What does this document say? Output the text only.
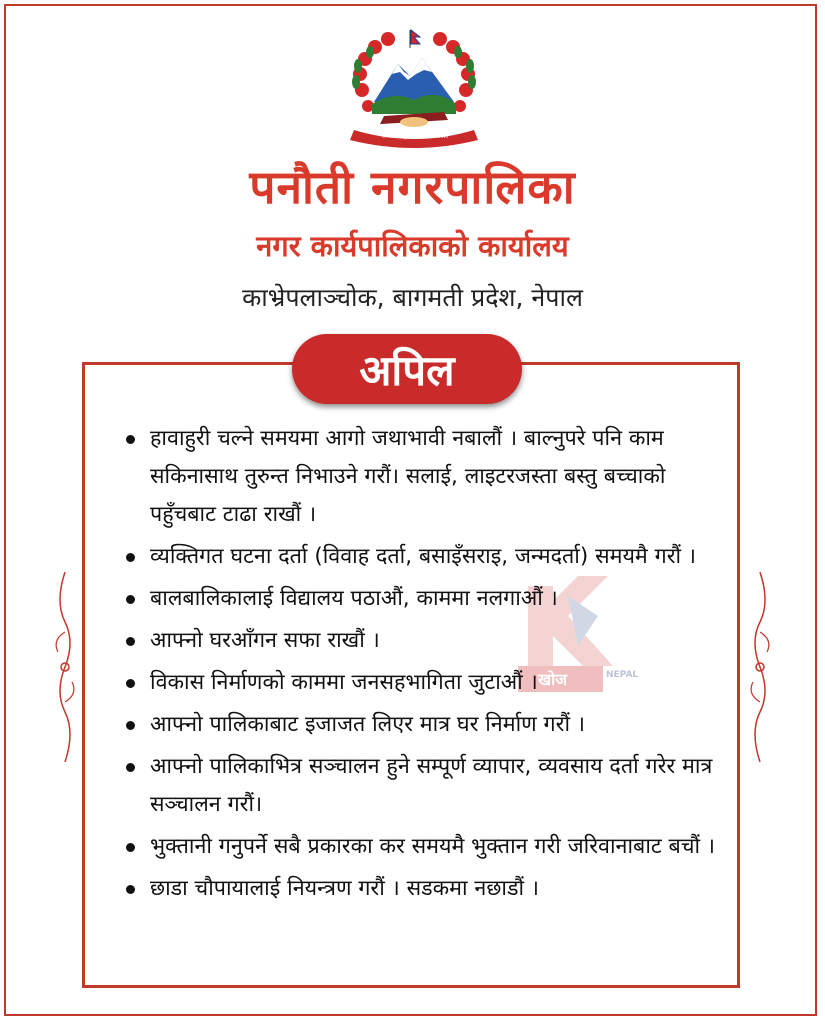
जननी जन्मभूमिश्च स्वर्गादपि गरीयसी
पनौती नगरपालिका
नगर कार्यपालिकाको कार्यालय
काभ्रेपलाञ्चोक, बागमती प्रदेश, नेपाल
खोज	NEPAL
अपिल
हावाहुरी चल्ने समयमा आगो जथाभावी नबालौं । बाल्नुपरे पनि काम सकिनासाथ तुरुन्त निभाउने गरौं। सलाई, लाइटरजस्ता बस्तु बच्चाको पहुँचबाट टाढा राखौं ।
व्यक्तिगत घटना दर्ता (विवाह दर्ता, बसाइँसराइ, जन्मदर्ता) समयमै गरौं ।
बालबालिकालाई विद्यालय पठाऔं, काममा नलगाऔं ।
आफ्नो घरआँगन सफा राखौं ।
विकास निर्माणको काममा जनसहभागिता जुटाऔं ।
आफ्नो पालिकाबाट इजाजत लिएर मात्र घर निर्माण गरौं ।
आफ्नो पालिकाभित्र सञ्चालन हुने सम्पूर्ण व्यापार, व्यवसाय दर्ता गरेर मात्र सञ्चालन गरौं।
भुक्तानी गनुपर्ने सबै प्रकारका कर समयमै भुक्तान गरी जरिवानाबाट बचौं ।
छाडा चौपायालाई नियन्त्रण गरौं । सडकमा नछाडौं ।
